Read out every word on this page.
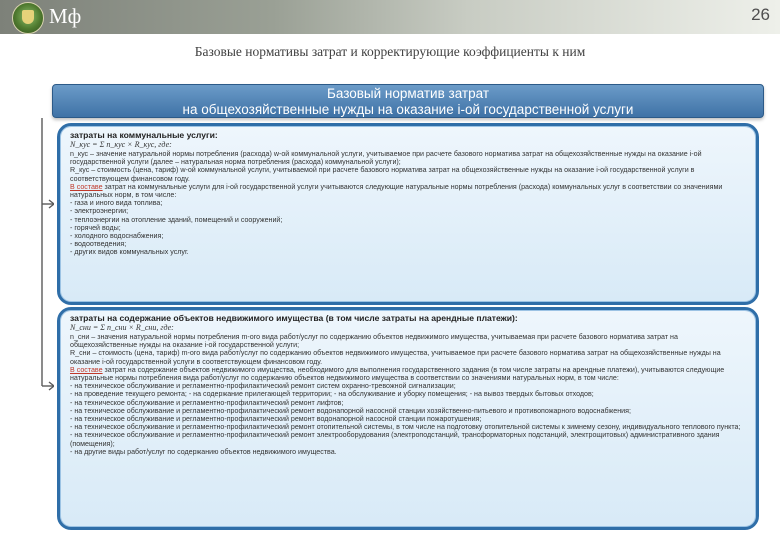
Мф	26
Базовые нормативы затрат и корректирующие коэффициенты к ним
Базовый норматив затрат
на общехозяйственные нужды на оказание i-ой государственной услуги
затраты на коммунальные услуги:
N_кус = Σ n_кус × R_кус, где:

n_кус – значение натуральной нормы потребления (расхода) w-ой коммунальной услуги, учитываемое при расчете базового норматива затрат на общехозяйственные нужды на оказание i-ой государственной услуги (далее – натуральная норма потребления (расхода) коммунальной услуги);

R_кус – стоимость (цена, тариф) w-ой коммунальной услуги, учитываемой при расчете базового норматива затрат на общехозяйственные нужды на оказание i-ой государственной услуги в соответствующем финансовом году.

В составе затрат на коммунальные услуги для i-ой государственной услуги учитываются следующие натуральные нормы потребления (расхода) коммунальных услуг в соответствии со значениями натуральных норм, в том числе:

- газа и иного вида топлива;
- электроэнергии;
- теплоэнергии на отопление зданий, помещений и сооружений;
- горячей воды;
- холодного водоснабжения;
- водоотведения;
- других видов коммунальных услуг.
затраты на содержание объектов недвижимого имущества (в том числе затраты на арендные платежи):
N_сни = Σ n_сни × R_сни, где:

n_сни – значения натуральной нормы потребления m-ого вида работ/услуг по содержанию объектов недвижимого имущества, учитываемая при расчете базового норматива затрат на общехозяйственные нужды на оказание i-ой государственной услуги;

R_сни – стоимость (цена, тариф) m-ого вида работ/услуг по содержанию объектов недвижимого имущества, учитываемое при расчете базового норматива затрат на общехозяйственные нужды на оказание i-ой государственной услуги в соответствующем финансовом году.

В составе затрат на содержание объектов недвижимого имущества, необходимого для выполнения государственного задания (в том числе затраты на арендные платежи), учитываются следующие натуральные нормы потребления вида работ/услуг по содержанию объектов недвижимого имущества в соответствии со значениями натуральных норм, в том числе:

- на техническое обслуживание и регламентно-профилактический ремонт систем охранно-тревожной сигнализации;
- на проведение текущего ремонта; - на содержание прилегающей территории; - на обслуживание и уборку помещения; - на вывоз твердых бытовых отходов;
- на техническое обслуживание и регламентно-профилактический ремонт лифтов;
- на техническое обслуживание и регламентно-профилактический ремонт водонапорной насосной станции хозяйственно-питьевого и противопожарного водоснабжения;
- на техническое обслуживание и регламентно-профилактический ремонт водонапорной насосной станции пожаротушения;
- на техническое обслуживание и регламентно-профилактический ремонт отопительной системы, в том числе на подготовку отопительной системы к зимнему сезону, индивидуального теплового пункта;
- на техническое обслуживание и регламентно-профилактический ремонт электрооборудования (электроподстанций, трансформаторных подстанций, электрощитовых) административного здания (помещения);
- на другие виды работ/услуг по содержанию объектов недвижимого имущества.
